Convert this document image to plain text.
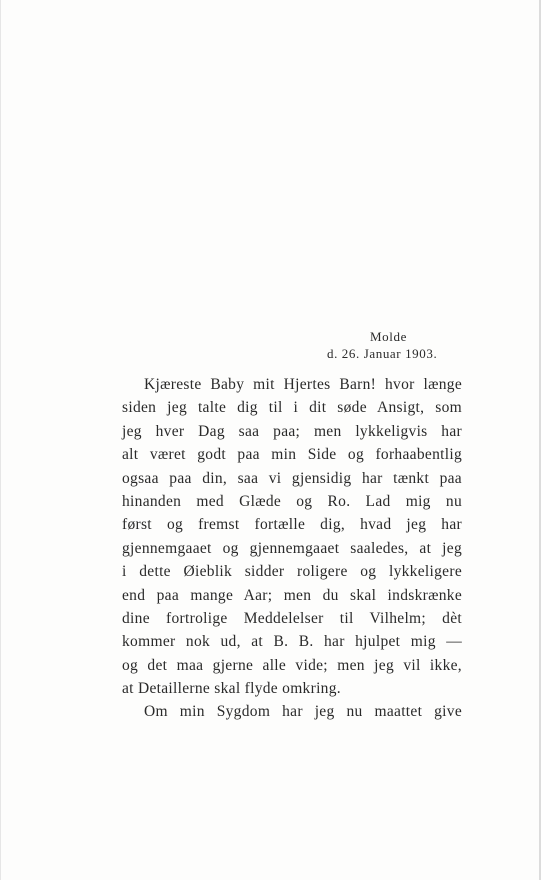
Molde
d. 26. Januar 1903.
Kjæreste Baby mit Hjertes Barn! hvor længe
siden jeg talte dig til i dit søde Ansigt, som
jeg hver Dag saa paa; men lykkeligvis har
alt været godt paa min Side og forhaabentlig
ogsaa paa din, saa vi gjensidig har tænkt paa
hinanden med Glæde og Ro. Lad mig nu
først og fremst fortælle dig, hvad jeg har
gjennemgaaet og gjennemgaaet saaledes, at jeg
i dette Øieblik sidder roligere og lykkeligere
end paa mange Aar; men du skal indskrænke
dine fortrolige Meddelelser til Vilhelm; dèt
kommer nok ud, at B. B. har hjulpet mig —
og det maa gjerne alle vide; men jeg vil ikke,
at Detaillerne skal flyde omkring.
Om min Sygdom har jeg nu maattet give
